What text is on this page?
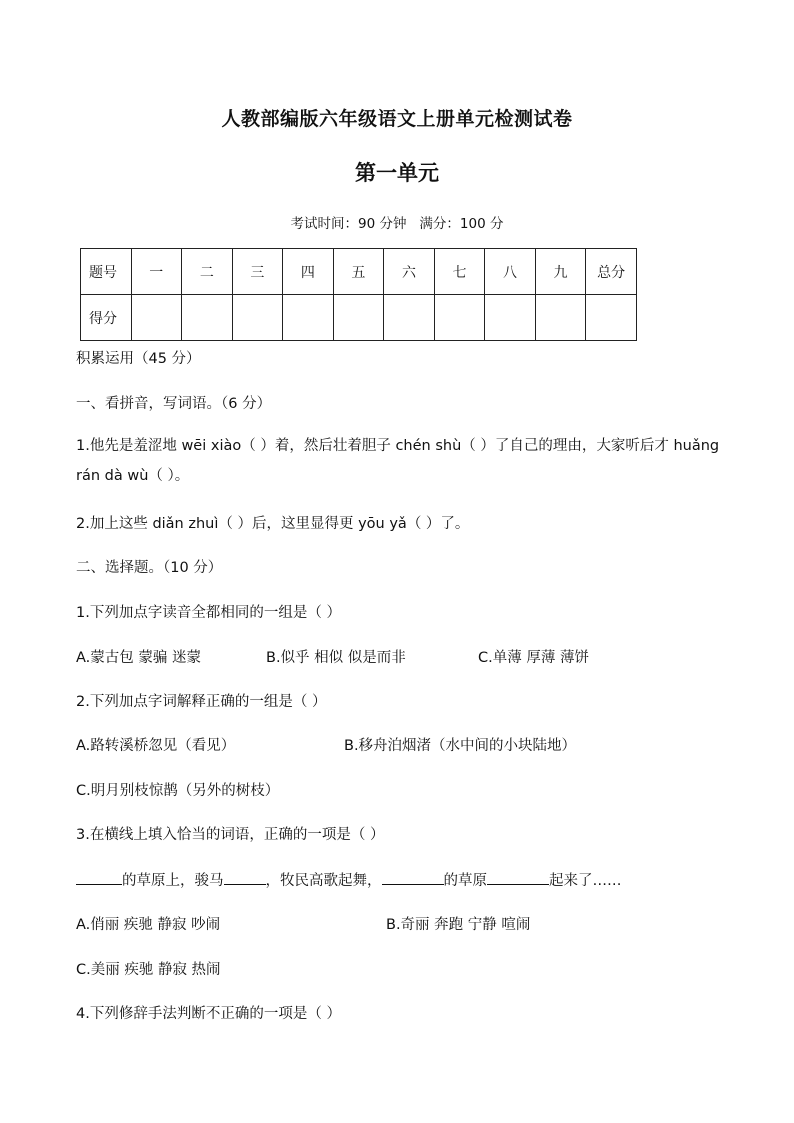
人教部编版六年级语文上册单元检测试卷
第一单元
考试时间：90 分钟   满分：100 分
题号	一	二	三	四	五	六	七	八	九	总分
得分										
积累运用（45 分）
一、看拼音，写词语。（6 分）
1.他先是羞涩地 wēi xiào（ ）着，然后壮着胆子 chén shù（ ）了自己的理由，大家听后才 huǎng rán dà wù（ ）。
2.加上这些 diǎn zhuì（ ）后，这里显得更 yōu yǎ（ ）了。
二、选择题。（10 分）
1.下列加点字读音全都相同的一组是（ ）
A.蒙古包 蒙骗 迷蒙	B.似乎 相似 似是而非	C.单薄 厚薄 薄饼
2.下列加点字词解释正确的一组是（ ）
A.路转溪桥忽见（看见）	B.移舟泊烟渚（水中间的小块陆地）
C.明月别枝惊鹊（另外的树枝）
3.在横线上填入恰当的词语，正确的一项是（ ）
的草原上，骏马	，牧民高歌起舞，	的草原	起来了……
A.俏丽 疾驰 静寂 吵闹	B.奇丽 奔跑 宁静 喧闹
C.美丽 疾驰 静寂 热闹
4.下列修辞手法判断不正确的一项是（ ）
